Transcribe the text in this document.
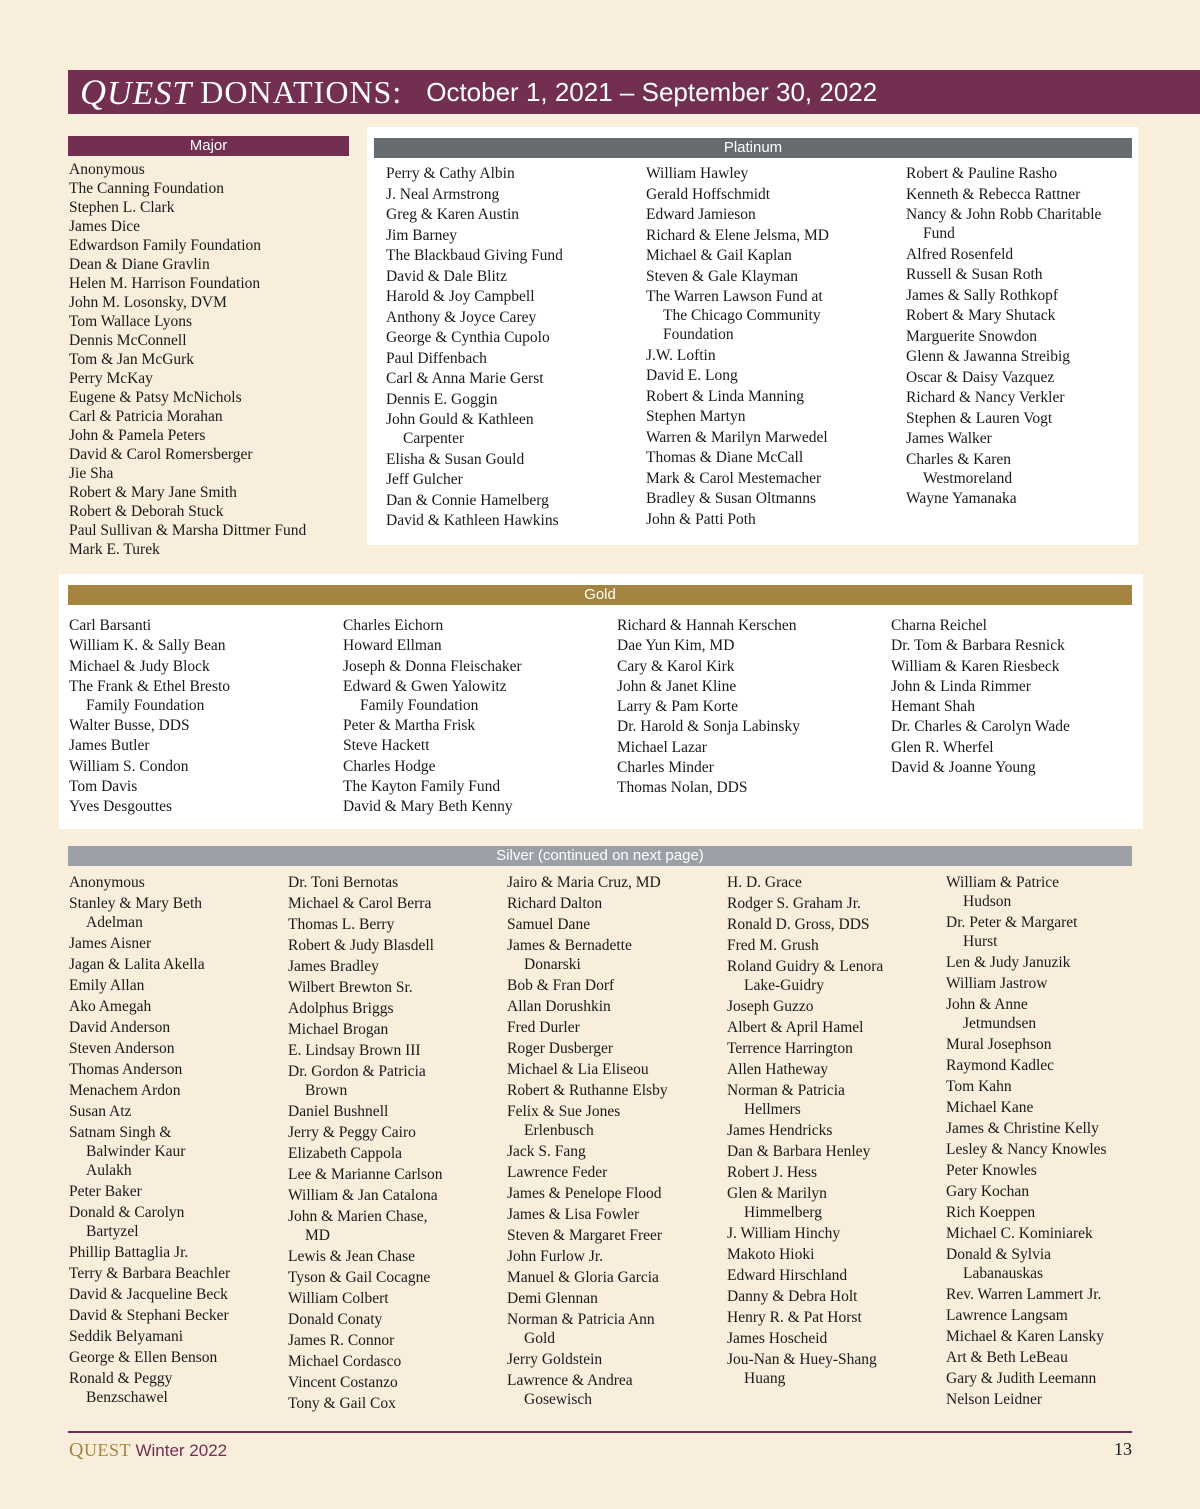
QUEST DONATIONS: October 1, 2021 – September 30, 2022
Major
Anonymous
The Canning Foundation
Stephen L. Clark
James Dice
Edwardson Family Foundation
Dean & Diane Gravlin
Helen M. Harrison Foundation
John M. Losonsky, DVM
Tom Wallace Lyons
Dennis McConnell
Tom & Jan McGurk
Perry McKay
Eugene & Patsy McNichols
Carl & Patricia Morahan
John & Pamela Peters
David & Carol Romersberger
Jie Sha
Robert & Mary Jane Smith
Robert & Deborah Stuck
Paul Sullivan & Marsha Dittmer Fund
Mark E. Turek
Platinum
Perry & Cathy Albin
J. Neal Armstrong
Greg & Karen Austin
Jim Barney
The Blackbaud Giving Fund
David & Dale Blitz
Harold & Joy Campbell
Anthony & Joyce Carey
George & Cynthia Cupolo
Paul Diffenbach
Carl & Anna Marie Gerst
Dennis E. Goggin
John Gould & Kathleen
Carpenter
Elisha & Susan Gould
Jeff Gulcher
Dan & Connie Hamelberg
David & Kathleen Hawkins
William Hawley
Gerald Hoffschmidt
Edward Jamieson
Richard & Elene Jelsma, MD
Michael & Gail Kaplan
Steven & Gale Klayman
The Warren Lawson Fund at
The Chicago Community
Foundation
J.W. Loftin
David E. Long
Robert & Linda Manning
Stephen Martyn
Warren & Marilyn Marwedel
Thomas & Diane McCall
Mark & Carol Mestemacher
Bradley & Susan Oltmanns
John & Patti Poth
Robert & Pauline Rasho
Kenneth & Rebecca Rattner
Nancy & John Robb Charitable
Fund
Alfred Rosenfeld
Russell & Susan Roth
James & Sally Rothkopf
Robert & Mary Shutack
Marguerite Snowdon
Glenn & Jawanna Streibig
Oscar & Daisy Vazquez
Richard & Nancy Verkler
Stephen & Lauren Vogt
James Walker
Charles & Karen
Westmoreland
Wayne Yamanaka
Gold
Carl Barsanti
William K. & Sally Bean
Michael & Judy Block
The Frank & Ethel Bresto
Family Foundation
Walter Busse, DDS
James Butler
William S. Condon
Tom Davis
Yves Desgouttes
Charles Eichorn
Howard Ellman
Joseph & Donna Fleischaker
Edward & Gwen Yalowitz
Family Foundation
Peter & Martha Frisk
Steve Hackett
Charles Hodge
The Kayton Family Fund
David & Mary Beth Kenny
Richard & Hannah Kerschen
Dae Yun Kim, MD
Cary & Karol Kirk
John & Janet Kline
Larry & Pam Korte
Dr. Harold & Sonja Labinsky
Michael Lazar
Charles Minder
Thomas Nolan, DDS
Charna Reichel
Dr. Tom & Barbara Resnick
William & Karen Riesbeck
John & Linda Rimmer
Hemant Shah
Dr. Charles & Carolyn Wade
Glen R. Wherfel
David & Joanne Young
Silver (continued on next page)
Anonymous
Stanley & Mary Beth
Adelman
James Aisner
Jagan & Lalita Akella
Emily Allan
Ako Amegah
David Anderson
Steven Anderson
Thomas Anderson
Menachem Ardon
Susan Atz
Satnam Singh &
Balwinder Kaur
Aulakh
Peter Baker
Donald & Carolyn
Bartyzel
Phillip Battaglia Jr.
Terry & Barbara Beachler
David & Jacqueline Beck
David & Stephani Becker
Seddik Belyamani
George & Ellen Benson
Ronald & Peggy
Benzschawel
Dr. Toni Bernotas
Michael & Carol Berra
Thomas L. Berry
Robert & Judy Blasdell
James Bradley
Wilbert Brewton Sr.
Adolphus Briggs
Michael Brogan
E. Lindsay Brown III
Dr. Gordon & Patricia
Brown
Daniel Bushnell
Jerry & Peggy Cairo
Elizabeth Cappola
Lee & Marianne Carlson
William & Jan Catalona
John & Marien Chase,
MD
Lewis & Jean Chase
Tyson & Gail Cocagne
William Colbert
Donald Conaty
James R. Connor
Michael Cordasco
Vincent Costanzo
Tony & Gail Cox
Jairo & Maria Cruz, MD
Richard Dalton
Samuel Dane
James & Bernadette
Donarski
Bob & Fran Dorf
Allan Dorushkin
Fred Durler
Roger Dusberger
Michael & Lia Eliseou
Robert & Ruthanne Elsby
Felix & Sue Jones
Erlenbusch
Jack S. Fang
Lawrence Feder
James & Penelope Flood
James & Lisa Fowler
Steven & Margaret Freer
John Furlow Jr.
Manuel & Gloria Garcia
Demi Glennan
Norman & Patricia Ann
Gold
Jerry Goldstein
Lawrence & Andrea
Gosewisch
H. D. Grace
Rodger S. Graham Jr.
Ronald D. Gross, DDS
Fred M. Grush
Roland Guidry & Lenora
Lake-Guidry
Joseph Guzzo
Albert & April Hamel
Terrence Harrington
Allen Hatheway
Norman & Patricia
Hellmers
James Hendricks
Dan & Barbara Henley
Robert J. Hess
Glen & Marilyn
Himmelberg
J. William Hinchy
Makoto Hioki
Edward Hirschland
Danny & Debra Holt
Henry R. & Pat Horst
James Hoscheid
Jou-Nan & Huey-Shang
Huang
William & Patrice
Hudson
Dr. Peter & Margaret
Hurst
Len & Judy Januzik
William Jastrow
John & Anne
Jetmundsen
Mural Josephson
Raymond Kadlec
Tom Kahn
Michael Kane
James & Christine Kelly
Lesley & Nancy Knowles
Peter Knowles
Gary Kochan
Rich Koeppen
Michael C. Kominiarek
Donald & Sylvia
Labanauskas
Rev. Warren Lammert Jr.
Lawrence Langsam
Michael & Karen Lansky
Art & Beth LeBeau
Gary & Judith Leemann
Nelson Leidner
QUEST Winter 2022	13
